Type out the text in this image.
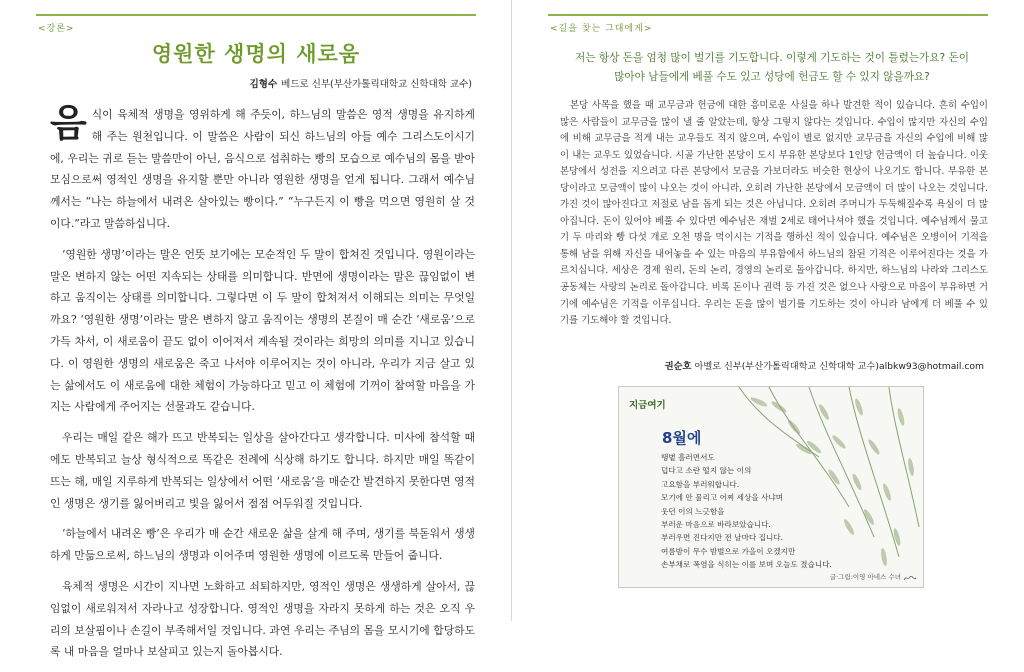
<강론>
영원한 생명의 새로움
김형수 베드로 신부(부산가톨릭대학교 신학대학 교수)

음식이 육체적 생명을 영위하게 해 주듯이, 하느님의 말씀은 영적 생명을 유지하게 해 주는 원천입니다. 이 말씀은 사람이 되신 하느님의 아들 예수 그리스도이시기에, 우리는 귀로 듣는 말씀만이 아닌, 음식으로 섭취하는 빵의 모습으로 예수님의 몸을 받아 모심으로써 영적인 생명을 유지할 뿐만 아니라 영원한 생명을 얻게 됩니다. 그래서 예수님께서는 “나는 하늘에서 내려온 살아있는 빵이다.” “누구든지 이 빵을 먹으면 영원히 살 것이다.”라고 말씀하십니다.

‘영원한 생명’이라는 말은 언뜻 보기에는 모순적인 두 말이 합쳐진 것입니다. 영원이라는 말은 변하지 않는 어떤 지속되는 상태를 의미합니다. 반면에 생명이라는 말은 끊임없이 변하고 움직이는 상태를 의미합니다. 그렇다면 이 두 말이 합쳐져서 이해되는 의미는 무엇일까요? ‘영원한 생명’이라는 말은 변하지 않고 움직이는 생명의 본질이 매 순간 ‘새로움’으로 가득 차서, 이 새로움이 끝도 없이 이어져서 계속될 것이라는 희망의 의미를 지니고 있습니다. 이 영원한 생명의 새로움은 죽고 나서야 이루어지는 것이 아니라, 우리가 지금 살고 있는 삶에서도 이 새로움에 대한 체험이 가능하다고 믿고 이 체험에 기꺼이 참여할 마음을 가지는 사람에게 주어지는 선물과도 같습니다.

우리는 매일 같은 해가 뜨고 반복되는 일상을 살아간다고 생각합니다. 미사에 참석할 때에도 반복되고 늘상 형식적으로 똑같은 전례에 식상해 하기도 합니다. 하지만 매일 똑같이 뜨는 해, 매일 지루하게 반복되는 일상에서 어떤 ‘새로움’을 매순간 발견하지 못한다면 영적인 생명은 생기를 잃어버리고 빛을 잃어서 점점 어두워질 것입니다.

‘하늘에서 내려온 빵’은 우리가 매 순간 새로운 삶을 살게 해 주며, 생기를 북돋워서 생생하게 만듦으로써, 하느님의 생명과 이어주며 영원한 생명에 이르도록 만들어 줍니다.

육체적 생명은 시간이 지나면 노화하고 쇠퇴하지만, 영적인 생명은 생생하게 살아서, 끊임없이 새로워져서 자라나고 성장합니다. 영적인 생명을 자라지 못하게 하는 것은 오직 우리의 보살핌이나 손길이 부족해서일 것입니다. 과연 우리는 주님의 몸을 모시기에 합당하도록 내 마음을 얼마나 보살피고 있는지 돌아봅시다.

<길을 찾는 그대에게>
저는 항상 돈을 엄청 많이 벌기를 기도합니다. 이렇게 기도하는 것이 틀렸는가요? 돈이 많아야 남들에게 베풀 수도 있고 성당에 헌금도 할 수 있지 않을까요?

본당 사목을 했을 때 교무금과 헌금에 대한 흥미로운 사실을 하나 발견한 적이 있습니다. 흔히 수입이 많은 사람들이 교무금을 많이 낼 줄 알았는데, 항상 그렇지 않다는 것입니다. 수입이 많지만 자신의 수입에 비해 교무금을 적게 내는 교우들도 적지 않으며, 수입이 별로 없지만 교무금을 자신의 수입에 비해 많이 내는 교우도 있었습니다. 시골 가난한 본당이 도시 부유한 본당보다 1인당 헌금액이 더 높습니다. 이웃 본당에서 성전을 지으려고 다른 본당에서 모금을 가보더라도 비슷한 현상이 나오기도 합니다. 부유한 본당이라고 모금액이 많이 나오는 것이 아니라, 오히려 가난한 본당에서 모금액이 더 많이 나오는 것입니다. 가진 것이 많아진다고 저절로 남을 돕게 되는 것은 아닙니다. 오히려 주머니가 두둑해질수록 욕심이 더 많아집니다. 돈이 있어야 베풀 수 있다면 예수님은 재벌 2세로 태어나셔야 했을 것입니다. 예수님께서 물고기 두 마리와 빵 다섯 개로 오천 명을 먹이시는 기적을 행하신 적이 있습니다. 예수님은 오병이어 기적을 통해 남을 위해 자신을 내어놓을 수 있는 마음의 부유함에서 하느님의 참된 기적은 이루어진다는 것을 가르치십니다. 세상은 경제 원리, 돈의 논리, 경영의 논리로 돌아갑니다. 하지만, 하느님의 나라와 그리스도 공동체는 사랑의 논리로 돌아갑니다. 비록 돈이나 권력 등 가진 것은 없으나 사랑으로 마음이 부유하면 거기에 예수님은 기적을 이루십니다. 우리는 돈을 많이 벌기를 기도하는 것이 아니라 남에게 더 베풀 수 있기를 기도해야 할 것입니다.

권순호 아벨로 신부(부산가톨릭대학교 신학대학 교수)albkw93@hotmail.com
지금여기
8월에
땡볕 흘러면서도
덥다고 소란 떨지 않는 이의
고요함을 부러워합니다.
모기에 안 물리고 어찌 세상을 사냐며
웃던 이의 느긋함을
부러운 마음으로 바라보았습니다.
부러우면 진다지만 전 날마다 집니다.
여름밤이 무수 밤벌으로 가을이 오겠지만
손부채로 폭염을 식히는 이를 보며 오늘도 졌습니다.
글·그림:이영 아네스 수녀
